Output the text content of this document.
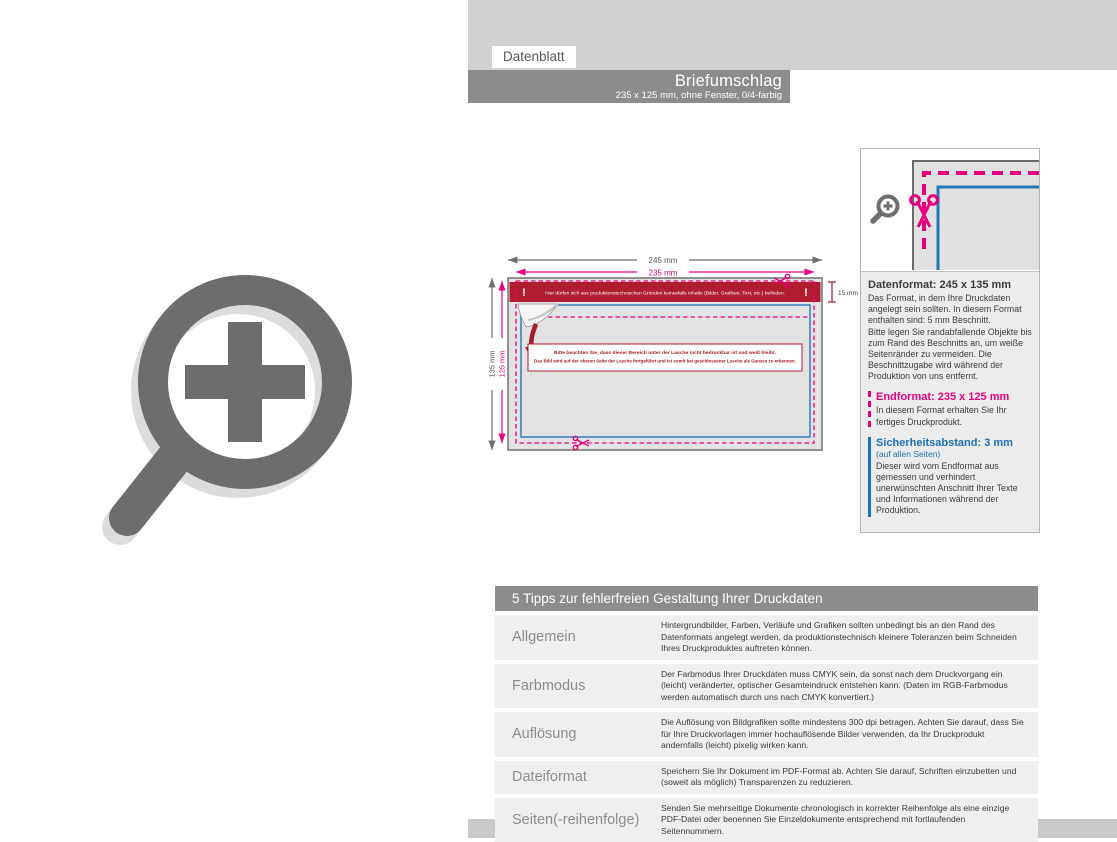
Datenblatt
Briefumschlag
235 x 125 mm, ohne Fenster, 0/4-farbig
245 mm
235 mm
135 mm 125 mm
!	!
Hier dürfen sich aus produktionstechnischen Gründen keinesfalls Inhalte (Bilder, Grafiken, Text, etc.) befinden.
Bitte beachten Sie, dass dieser Bereich unter der Lasche nicht bedruckbar ist und weiß bleibt.
Das Bild wird auf der oberen Seite der Lasche fortgeführt und ist somit bei geschlossener Lasche als Ganzes zu erkennen.
15 mm

Datenformat: 245 x 135 mm

Das Format, in dem Ihre Druckdaten angelegt sein sollten. In diesem Format enthalten sind: 5 mm Beschnitt.

Bitte legen Sie randabfallende Objekte bis zum Rand des Beschnitts an, um weiße Seitenränder zu vermeiden. Die Beschnittzugabe wird während der Produktion von uns entfernt.

Endformat: 235 x 125 mm

In diesem Format erhalten Sie Ihr fertiges Druckprodukt.

Sicherheitsabstand: 3 mm

(auf allen Seiten)

Dieser wird vom Endformat aus gemessen und verhindert unerwünschten Anschnitt Ihrer Texte und Informationen während der Produktion.

5 Tipps zur fehlerfreien Gestaltung Ihrer Druckdaten
Allgemein
Hintergrundbilder, Farben, Verläufe und Grafiken sollten unbedingt bis an den Rand des Datenformats angelegt werden, da produktionstechnisch kleinere Toleranzen beim Schneiden Ihres Druckproduktes auftreten können.
Farbmodus
Der Farbmodus Ihrer Druckdaten muss CMYK sein, da sonst nach dem Druckvorgang ein (leicht) veränderter, optischer Gesamteindruck entstehen kann. (Daten im RGB-Farbmodus werden automatisch durch uns nach CMYK konvertiert.)
Auflösung
Die Auflösung von Bildgrafiken sollte mindestens 300 dpi betragen. Achten Sie darauf, dass Sie für Ihre Druckvorlagen immer hochauflösende Bilder verwenden, da Ihr Druckprodukt andernfalls (leicht) pixelig wirken kann.
Dateiformat	Speichern Sie Ihr Dokument im PDF-Format ab. Achten Sie darauf, Schriften einzubetten und (soweit als möglich) Transparenzen zu reduzieren.
Seiten(-reihenfolge)
Senden Sie mehrseitige Dokumente chronologisch in korrekter Reihenfolge als eine einzige PDF-Datei oder benennen Sie Einzeldokumente entsprechend mit fortlaufenden Seitennummern.
